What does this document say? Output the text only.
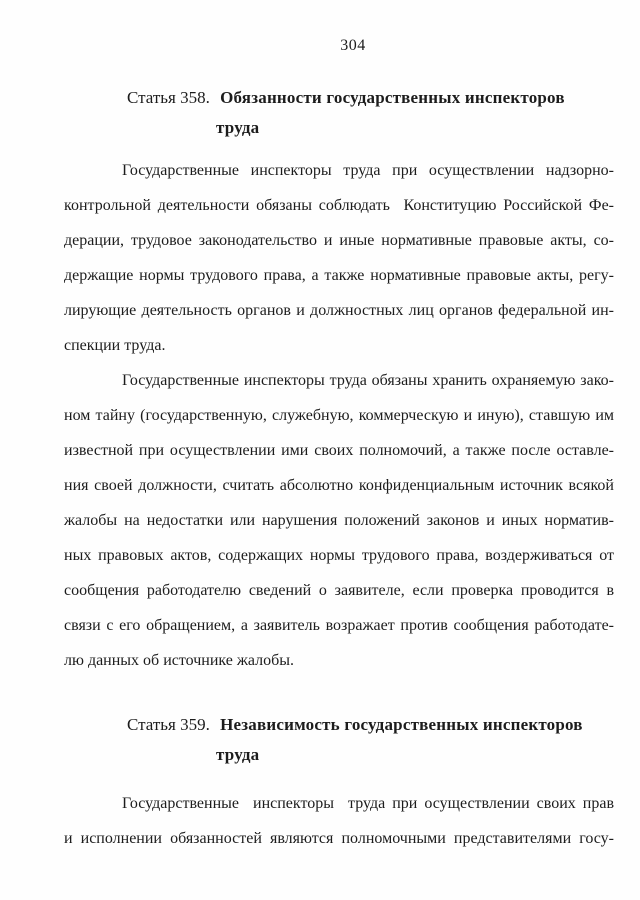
304
Статья 358. Обязанности государственных инспекторов
труда
Государственные инспекторы труда при осуществлении надзорно-
контрольной деятельности обязаны соблюдать  Конституцию Российской Фе-
дерации, трудовое законодательство и иные нормативные правовые акты, со-
держащие нормы трудового права, а также нормативные правовые акты, регу-
лирующие деятельность органов и должностных лиц органов федеральной ин-
спекции труда.
Государственные инспекторы труда обязаны хранить охраняемую зако-
ном тайну (государственную, служебную, коммерческую и иную), ставшую им
известной при осуществлении ими своих полномочий, а также после оставле-
ния своей должности, считать абсолютно конфиденциальным источник всякой
жалобы на недостатки или нарушения положений законов и иных норматив-
ных правовых актов, содержащих нормы трудового права, воздерживаться от
сообщения работодателю сведений о заявителе, если проверка проводится в
связи с его обращением, а заявитель возражает против сообщения работодате-
лю данных об источнике жалобы.
Статья 359. Независимость государственных инспекторов
труда
Государственные  инспекторы  труда при осуществлении своих прав
и исполнении обязанностей являются полномочными представителями госу-
